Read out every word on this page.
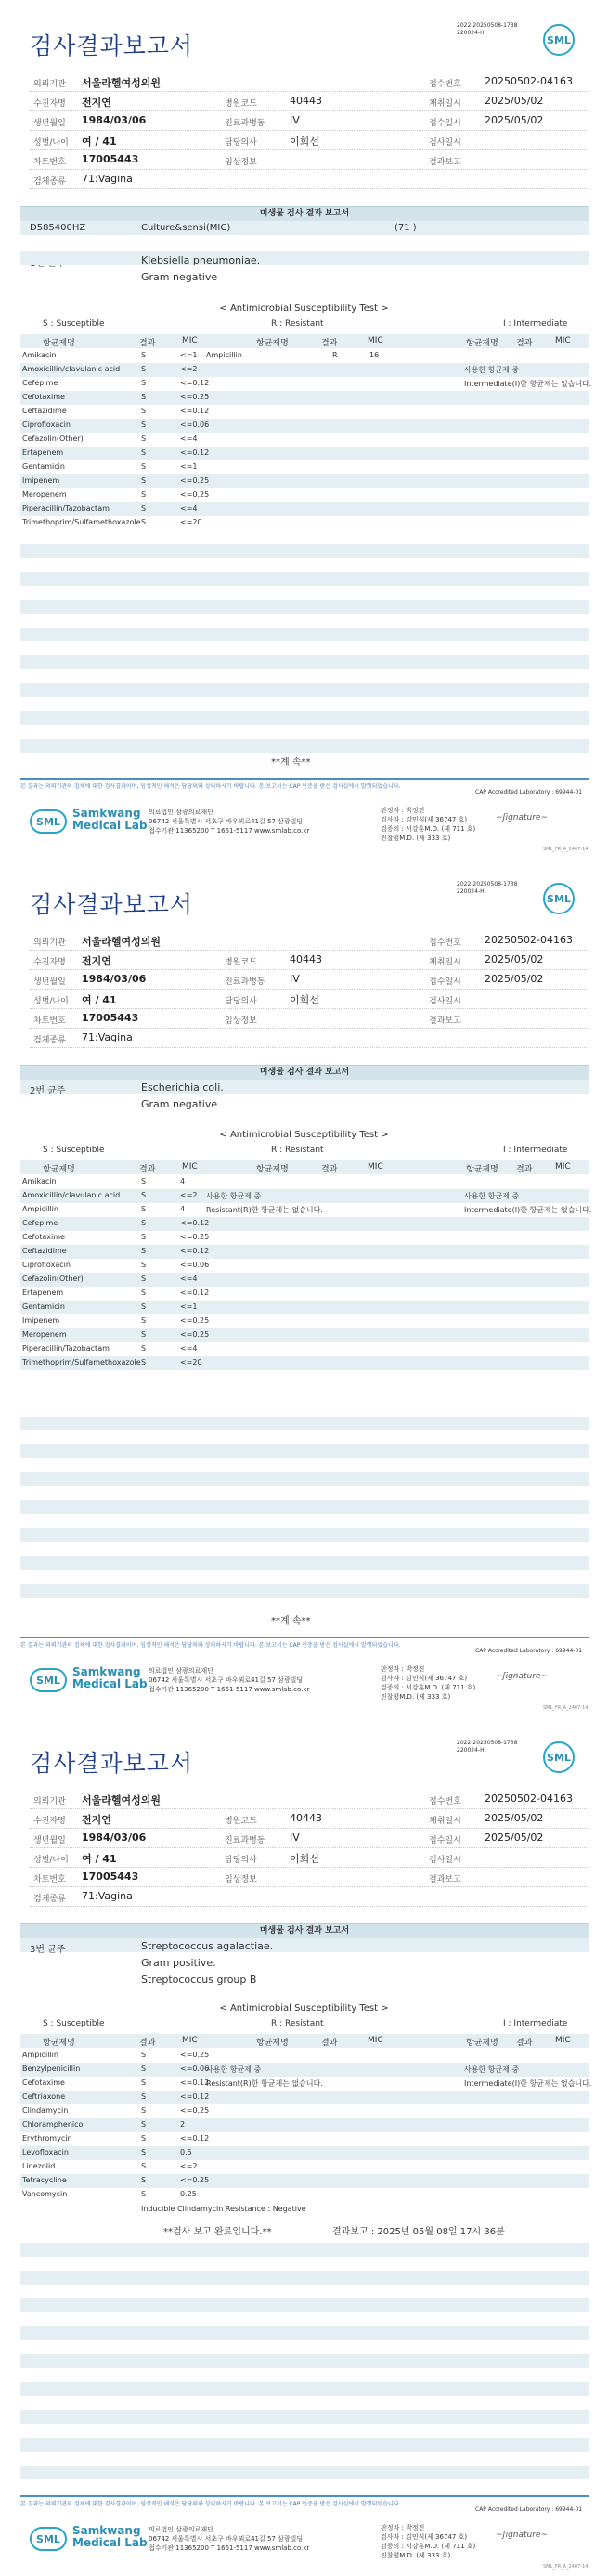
검사결과보고서
2022-20250508-1738
220024-H
SML
의뢰기관 서울라헬여성의원	접수번호 20250502-04163
수진자명 전지연	병원코드	40443	채취일시 2025/05/02
생년월일 1984/03/06	진료과병동 IV	접수일시 2025/05/02
성별/나이 여 / 41	담당의사	이희선	검사일시
차트번호 17005443	임상정보	결과보고
검체종류 71:Vagina
미생물 검사 결과 보고서
D585400HZ	Culture&sensi(MIC)	(71 )
Klebsiella pneumoniae.
Gram negative
< Antimicrobial Susceptibility Test >
S : Susceptible	R : Resistant	I : Intermediate
항균제명	결과	MIC	항균제명	결과	MIC	항균제명 결과	MIC
Amikacin	S	<=1
Amoxicillin/clavulanic acid	S	<=2
Cefepime	S	<=0.12
Cefotaxime	S	<=0.25
Ceftazidime	S	<=0.12
Ciprofloxacin	S	<=0.06
Cefazolin(Other)	S	<=4
Ertapenem	S	<=0.12
Gentamicin	S	<=1
Imipenem	S	<=0.25
Meropenem	S	<=0.25
Piperacillin/Tazobactam	S	<=4
Trimethoprim/Sulfamethoxazole S	<=20
Ampicillin	R	16
사용한 항균제 중
Intermediate(I)한 항균제는 없습니다.
**계 속**
본 결과는 의뢰기관의 검체에 대한 검사결과이며, 임상적인 해석은 담당의와 상의하시기 바랍니다. 본 보고서는 CAP 인증을 받은 검사실에서 발행되었습니다.
CAP Accredited Laboratory : 69944-01
SML
Samkwang
Medical Lab
의료법인 삼광의료재단
06742 서울특별시 서초구 바우뫼로41길 57 삼광빌딩
접수기관 11365200 T 1661-5117 www.smlab.co.kr
판정자 : 박정진
검사자 : 김민식(제 36747 호)
검증의 : 서강훈M.D. (제 711 호)
진찰평M.D. (제 333 호)
~ʃignature~
SML_FR_A_2407-14
검사결과보고서
2022-20250508-1738
220024-H
SML
의뢰기관 서울라헬여성의원	접수번호 20250502-04163
수진자명 전지연	병원코드	40443	채취일시 2025/05/02
생년월일 1984/03/06	진료과병동 IV	접수일시 2025/05/02
성별/나이 여 / 41	담당의사	이희선	검사일시
차트번호 17005443	임상정보	결과보고
검체종류 71:Vagina
미생물 검사 결과 보고서
2번 균주	Escherichia coli.
Gram negative
< Antimicrobial Susceptibility Test >
S : Susceptible	R : Resistant	I : Intermediate
항균제명	결과	MIC	항균제명	결과	MIC	항균제명 결과	MIC
Amikacin	S	4
Amoxicillin/clavulanic acid	S	<=2
Ampicillin	S	4
Cefepime	S	<=0.12
Cefotaxime	S	<=0.25
Ceftazidime	S	<=0.12
Ciprofloxacin	S	<=0.06
Cefazolin(Other)	S	<=4
Ertapenem	S	<=0.12
Gentamicin	S	<=1
Imipenem	S	<=0.25
Meropenem	S	<=0.25
Piperacillin/Tazobactam	S	<=4
Trimethoprim/Sulfamethoxazole S	<=20
사용한 항균제 중
Resistant(R)한 항균제는 없습니다.
사용한 항균제 중
Intermediate(I)한 항균제는 없습니다.
**계 속**
본 결과는 의뢰기관의 검체에 대한 검사결과이며, 임상적인 해석은 담당의와 상의하시기 바랍니다. 본 보고서는 CAP 인증을 받은 검사실에서 발행되었습니다.
CAP Accredited Laboratory : 69944-01
SML
Samkwang
Medical Lab
의료법인 삼광의료재단
06742 서울특별시 서초구 바우뫼로41길 57 삼광빌딩
접수기관 11365200 T 1661-5117 www.smlab.co.kr
판정자 : 박정진
검사자 : 김민식(제 36747 호)
검증의 : 서강훈M.D. (제 711 호)
진찰평M.D. (제 333 호)
~ʃignature~
SML_FR_A_2407-14
검사결과보고서
2022-20250508-1738
220024-H
SML
의뢰기관 서울라헬여성의원	접수번호 20250502-04163
수진자명 전지연	병원코드	40443	채취일시 2025/05/02
생년월일 1984/03/06	진료과병동 IV	접수일시 2025/05/02
성별/나이 여 / 41	담당의사	이희선	검사일시
차트번호 17005443	임상정보	결과보고
검체종류 71:Vagina
미생물 검사 결과 보고서
3번 균주	Streptococcus agalactiae.
Gram positive.
Streptococcus group B
< Antimicrobial Susceptibility Test >
S : Susceptible	R : Resistant	I : Intermediate
항균제명	결과	MIC	항균제명	결과	MIC	항균제명 결과	MIC
Ampicillin	S	<=0.25
Benzylpenicillin	S	<=0.06
Cefotaxime	S	<=0.12
Ceftriaxone	S	<=0.12
Clindamycin	S	<=0.25
Chloramphenicol	S	2
Erythromycin	S	<=0.12
Levofloxacin	S	0.5
Linezolid	S	<=2
Tetracycline	S	<=0.25
Vancomycin	S	0.25
사용한 항균제 중
Resistant(R)한 항균제는 없습니다.
사용한 항균제 중
Intermediate(I)한 항균제는 없습니다.
Inducible Clindamycin Resistance : Negative
**검사 보고 완료입니다.**	결과보고 : 2025년 05월 08일 17시 36분
본 결과는 의뢰기관의 검체에 대한 검사결과이며, 임상적인 해석은 담당의와 상의하시기 바랍니다. 본 보고서는 CAP 인증을 받은 검사실에서 발행되었습니다.
CAP Accredited Laboratory : 69944-01
SML
Samkwang
Medical Lab
의료법인 삼광의료재단
06742 서울특별시 서초구 바우뫼로41길 57 삼광빌딩
접수기관 11365200 T 1661-5117 www.smlab.co.kr
판정자 : 박정진
검사자 : 김민식(제 36747 호)
검증의 : 서강훈M.D. (제 711 호)
진찰평M.D. (제 333 호)
~ʃignature~
SML_FR_A_2407-14
